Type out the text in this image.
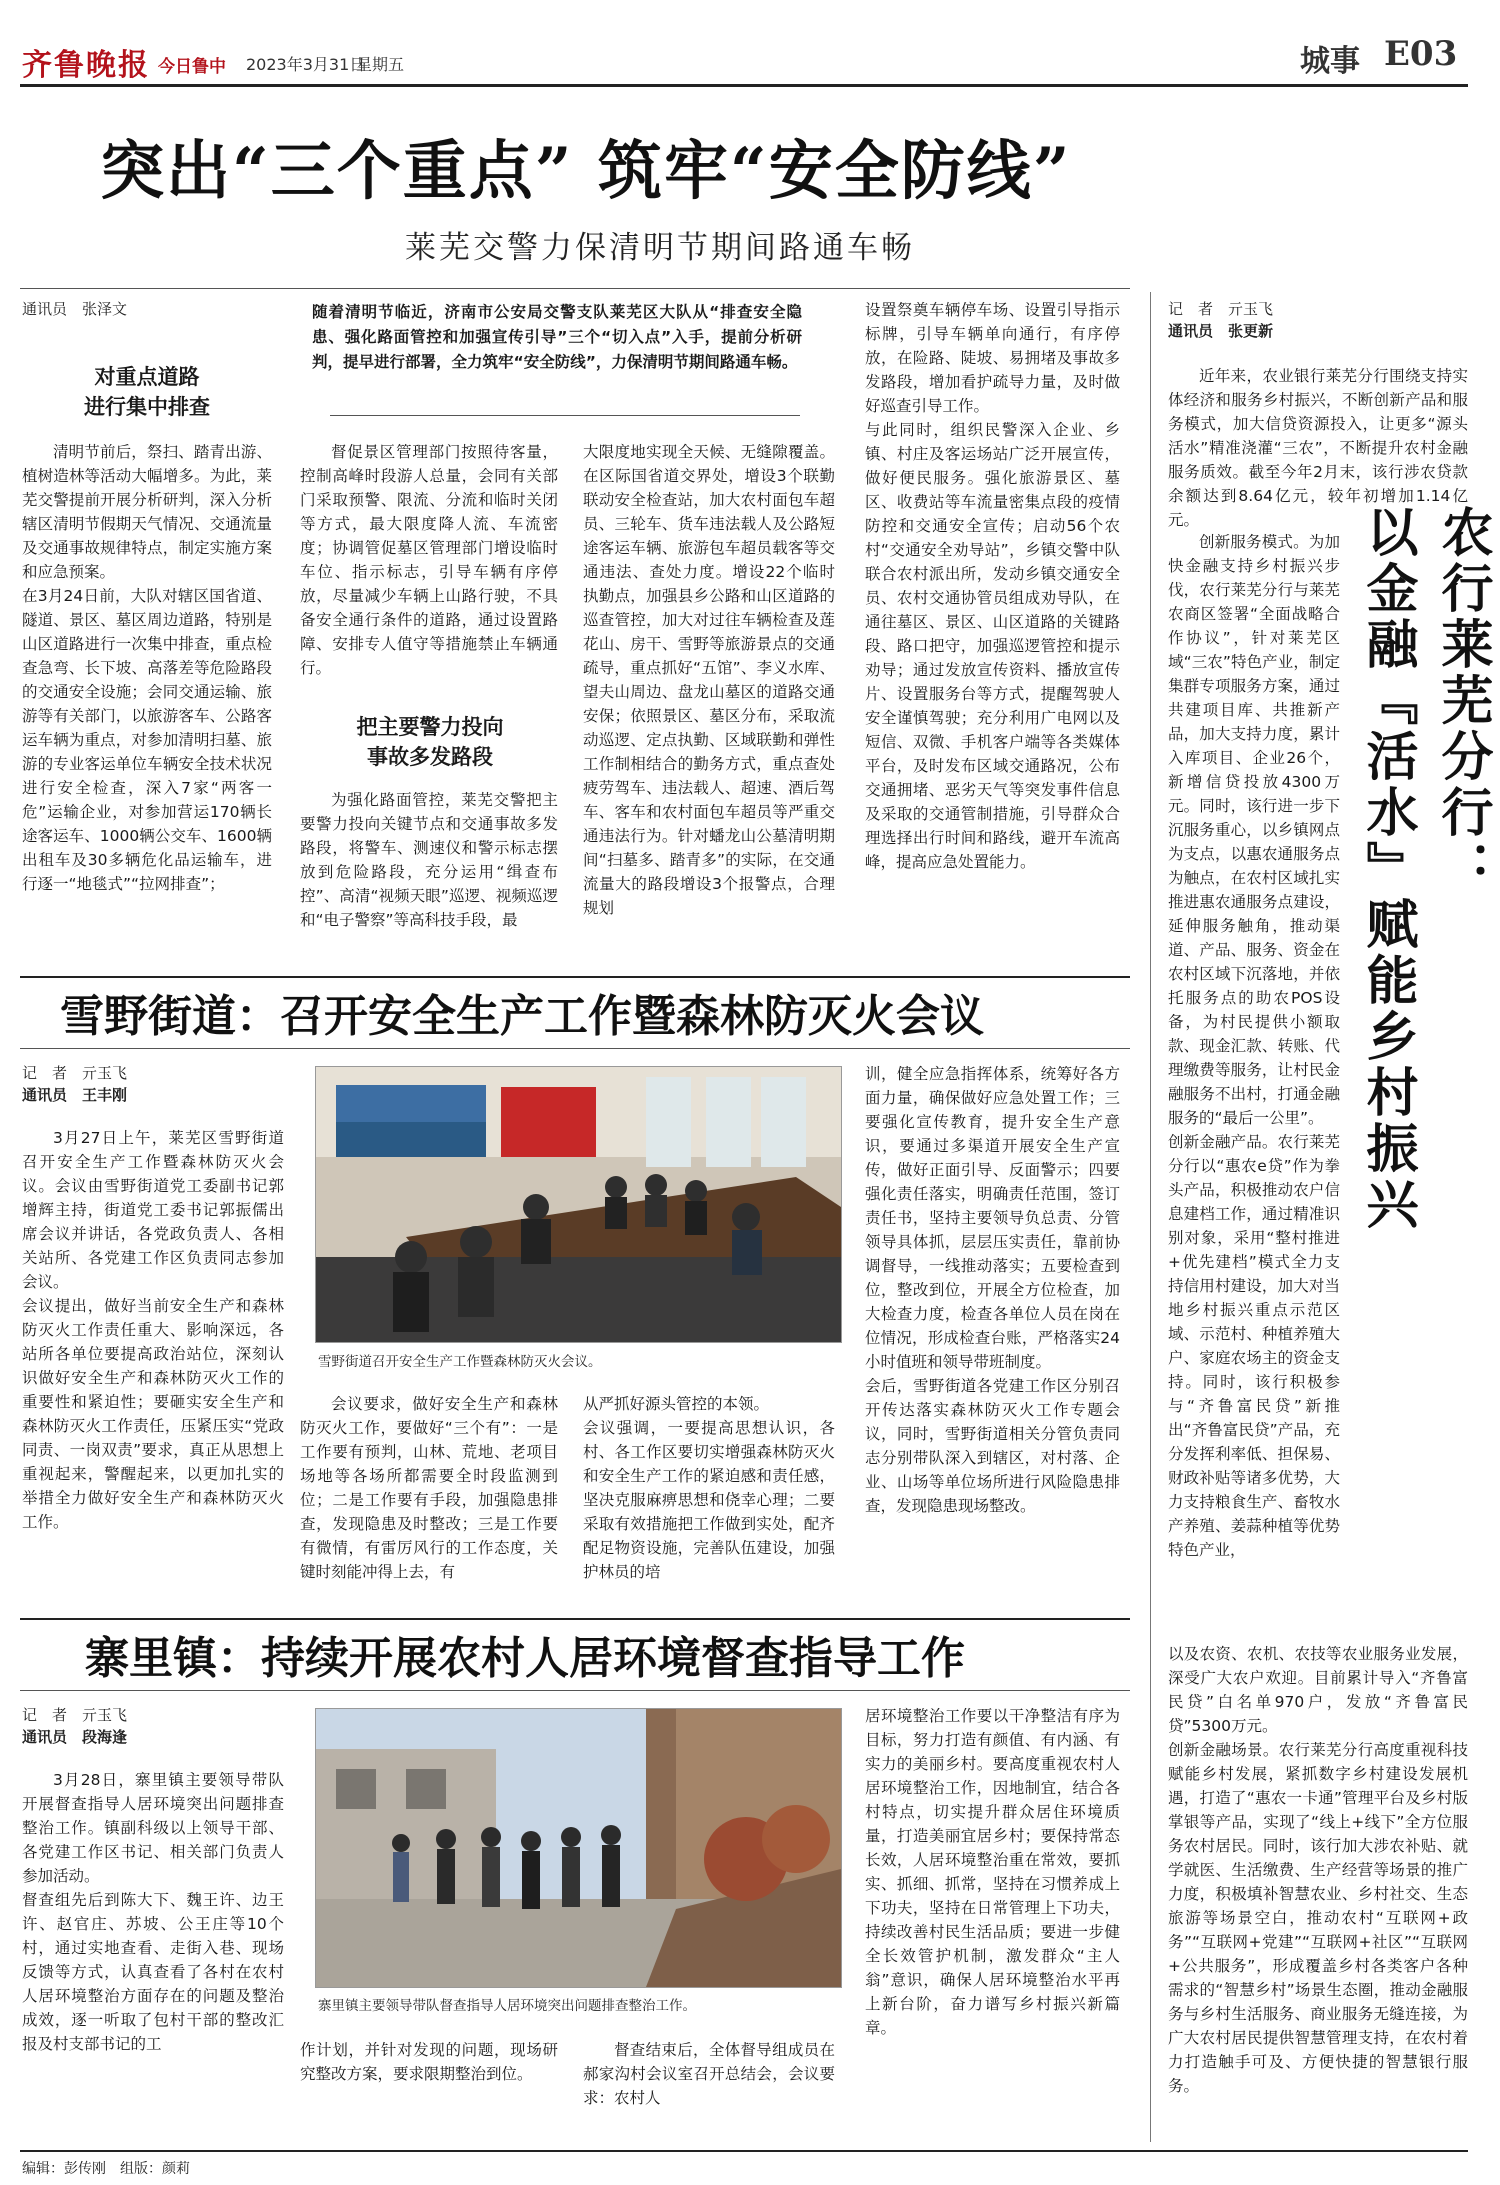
齐鲁晚报 今日鲁中 2023年3月31日
星期五	城事 E03
突出“三个重点” 筑牢“安全防线”
莱芜交警力保清明节期间路通车畅
通讯员　张泽文
对重点道路
进行集中排查

清明节前后，祭扫、踏青出游、植树造林等活动大幅增多。为此，莱芜交警提前开展分析研判，深入分析辖区清明节假期天气情况、交通流量及交通事故规律特点，制定实施方案和应急预案。
在3月24日前，大队对辖区国省道、隧道、景区、墓区周边道路，特别是山区道路进行一次集中排查，重点检查急弯、长下坡、高落差等危险路段的交通安全设施；会同交通运输、旅游等有关部门，以旅游客车、公路客运车辆为重点，对参加清明扫墓、旅游的专业客运单位车辆安全技术状况进行安全检查，深入7家“两客一危”运输企业，对参加营运170辆长途客运车、1000辆公交车、1600辆出租车及30多辆危化品运输车，进行逐一“地毯式”“拉网排查”；

随着清明节临近，济南市公安局交警支队莱芜区大队从“排查安全隐患、强化路面管控和加强宣传引导”三个“切入点”入手，提前分析研判，提早进行部署，全力筑牢“安全防线”，力保清明节期间路通车畅。

督促景区管理部门按照待客量，控制高峰时段游人总量，会同有关部门采取预警、限流、分流和临时关闭等方式，最大限度降人流、车流密度；协调管促墓区管理部门增设临时车位、指示标志，引导车辆有序停放，尽量减少车辆上山路行驶，不具备安全通行条件的道路，通过设置路障、安排专人值守等措施禁止车辆通行。

把主要警力投向
事故多发路段

为强化路面管控，莱芜交警把主要警力投向关键节点和交通事故多发路段，将警车、测速仪和警示标志摆放到危险路段，充分运用“缉查布控”、高清“视频天眼”巡逻、视频巡逻和“电子警察”等高科技手段，最

大限度地实现全天候、无缝隙覆盖。在区际国省道交界处，增设3个联勤联动安全检查站，加大农村面包车超员、三轮车、货车违法载人及公路短途客运车辆、旅游包车超员载客等交通违法、查处力度。增设22个临时执勤点，加强县乡公路和山区道路的巡查管控，加大对过往车辆检查及莲花山、房干、雪野等旅游景点的交通疏导，重点抓好“五馆”、李义水库、望夫山周边、盘龙山墓区的道路交通安保；依照景区、墓区分布，采取流动巡逻、定点执勤、区域联勤和弹性工作制相结合的勤务方式，重点查处疲劳驾车、违法载人、超速、酒后驾车、客车和农村面包车超员等严重交通违法行为。针对蟠龙山公墓清明期间“扫墓多、踏青多”的实际，在交通流量大的路段增设3个报警点，合理规划

设置祭奠车辆停车场、设置引导指示标牌，引导车辆单向通行，有序停放，在险路、陡坡、易拥堵及事故多发路段，增加看护疏导力量，及时做好巡查引导工作。
与此同时，组织民警深入企业、乡镇、村庄及客运场站广泛开展宣传，做好便民服务。强化旅游景区、墓区、收费站等车流量密集点段的疫情防控和交通安全宣传；启动56个农村“交通安全劝导站”，乡镇交警中队联合农村派出所，发动乡镇交通安全员、农村交通协管员组成劝导队，在通往墓区、景区、山区道路的关键路段、路口把守，加强巡逻管控和提示劝导；通过发放宣传资料、播放宣传片、设置服务台等方式，提醒驾驶人安全谨慎驾驶；充分利用广电网以及短信、双微、手机客户端等各类媒体平台，及时发布区域交通路况，公布交通拥堵、恶劣天气等突发事件信息及采取的交通管制措施，引导群众合理选择出行时间和路线，避开车流高峰，提高应急处置能力。

雪野街道：召开安全生产工作暨森林防灭火会议
记　者　亓玉飞
通讯员　王丰刚

3月27日上午，莱芜区雪野街道召开安全生产工作暨森林防灭火会议。会议由雪野街道党工委副书记郭增辉主持，街道党工委书记郭振儒出席会议并讲话，各党政负责人、各相关站所、各党建工作区负责同志参加会议。
会议提出，做好当前安全生产和森林防灭火工作责任重大、影响深远，各站所各单位要提高政治站位，深刻认识做好安全生产和森林防灭火工作的重要性和紧迫性；要砸实安全生产和森林防灭火工作责任，压紧压实“党政同责、一岗双责”要求，真正从思想上重视起来，警醒起来，以更加扎实的举措全力做好安全生产和森林防灭火工作。

雪野街道召开安全生产工作暨森林防灭火会议。

会议要求，做好安全生产和森林防灭火工作，要做好“三个有”：一是工作要有预判，山林、荒地、老项目场地等各场所都需要全时段监测到位；二是工作要有手段，加强隐患排查，发现隐患及时整改；三是工作要有微情，有雷厉风行的工作态度，关键时刻能冲得上去，有

从严抓好源头管控的本领。
会议强调，一要提高思想认识，各村、各工作区要切实增强森林防灭火和安全生产工作的紧迫感和责任感，坚决克服麻痹思想和侥幸心理；二要采取有效措施把工作做到实处，配齐配足物资设施，完善队伍建设，加强护林员的培

训，健全应急指挥体系，统筹好各方面力量，确保做好应急处置工作；三要强化宣传教育，提升安全生产意识，要通过多渠道开展安全生产宣传，做好正面引导、反面警示；四要强化责任落实，明确责任范围，签订责任书，坚持主要领导负总责、分管领导具体抓，层层压实责任，靠前协调督导，一线推动落实；五要检查到位，整改到位，开展全方位检查，加大检查力度，检查各单位人员在岗在位情况，形成检查台账，严格落实24小时值班和领导带班制度。
会后，雪野街道各党建工作区分别召开传达落实森林防灭火工作专题会议，同时，雪野街道相关分管负责同志分别带队深入到辖区，对村落、企业、山场等单位场所进行风险隐患排查，发现隐患现场整改。

寨里镇：持续开展农村人居环境督查指导工作
记　者　亓玉飞
通讯员　段海逢

3月28日，寨里镇主要领导带队开展督查指导人居环境突出问题排查整治工作。镇副科级以上领导干部、各党建工作区书记、相关部门负责人参加活动。
督查组先后到陈大下、魏王许、边王许、赵官庄、苏坡、公王庄等10个村，通过实地查看、走街入巷、现场反馈等方式，认真查看了各村在农村人居环境整治方面存在的问题及整治成效，逐一听取了包村干部的整改汇报及村支部书记的工

寨里镇主要领导带队督查指导人居环境突出问题排查整治工作。

作计划，并针对发现的问题，现场研究整改方案，要求限期整治到位。

督查结束后，全体督导组成员在郝家沟村会议室召开总结会，会议要求：农村人

居环境整治工作要以干净整洁有序为目标，努力打造有颜值、有内涵、有实力的美丽乡村。要高度重视农村人居环境整治工作，因地制宜，结合各村特点，切实提升群众居住环境质量，打造美丽宜居乡村；要保持常态长效，人居环境整治重在常效，要抓实、抓细、抓常，坚持在习惯养成上下功夫，坚持在日常管理上下功夫，持续改善村民生活品质；要进一步健全长效管护机制，激发群众“主人翁”意识，确保人居环境整治水平再上新台阶，奋力谱写乡村振兴新篇章。

记　者　亓玉飞
通讯员　张更新

近年来，农业银行莱芜分行围绕支持实体经济和服务乡村振兴，不断创新产品和服务模式，加大信贷资源投入，让更多“源头活水”精准浇灌“三农”，不断提升农村金融服务质效。截至今年2月末，该行涉农贷款余额达到8.64亿元，较年初增加1.14亿元。

创新服务模式。为加快金融支持乡村振兴步伐，农行莱芜分行与莱芜农商区签署“全面战略合作协议”，针对莱芜区域“三农”特色产业，制定集群专项服务方案，通过共建项目库、共推新产品，加大支持力度，累计入库项目、企业26个，新增信贷投放4300万元。同时，该行进一步下沉服务重心，以乡镇网点为支点，以惠农通服务点为触点，在农村区域扎实推进惠农通服务点建设，延伸服务触角，推动渠道、产品、服务、资金在农村区域下沉落地，并依托服务点的助农POS设备，为村民提供小额取款、现金汇款、转账、代理缴费等服务，让村民金融服务不出村，打通金融服务的“最后一公里”。
创新金融产品。农行莱芜分行以“惠农e贷”作为拳头产品，积极推动农户信息建档工作，通过精准识别对象，采用“整村推进+优先建档”模式全力支持信用村建设，加大对当地乡村振兴重点示范区域、示范村、种植养殖大户、家庭农场主的资金支持。同时，该行积极参与“齐鲁富民贷”新推出“齐鲁富民贷”产品，充分发挥利率低、担保易、财政补贴等诸多优势，大力支持粮食生产、畜牧水产养殖、姜蒜种植等优势特色产业，

农行莱芜分行：
以金融『活水』赋能乡村振兴

以及农资、农机、农技等农业服务业发展，深受广大农户欢迎。目前累计导入“齐鲁富民贷”白名单970户，发放“齐鲁富民贷”5300万元。
创新金融场景。农行莱芜分行高度重视科技赋能乡村发展，紧抓数字乡村建设发展机遇，打造了“惠农一卡通”管理平台及乡村版掌银等产品，实现了“线上+线下”全方位服务农村居民。同时，该行加大涉农补贴、就学就医、生活缴费、生产经营等场景的推广力度，积极填补智慧农业、乡村社交、生态旅游等场景空白，推动农村“互联网+政务”“互联网+党建”“互联网+社区”“互联网+公共服务”，形成覆盖乡村各类客户各种需求的“智慧乡村”场景生态圈，推动金融服务与乡村生活服务、商业服务无缝连接，为广大农村居民提供智慧管理支持，在农村着力打造触手可及、方便快捷的智慧银行服务。

编辑：彭传刚　组版：颜莉
